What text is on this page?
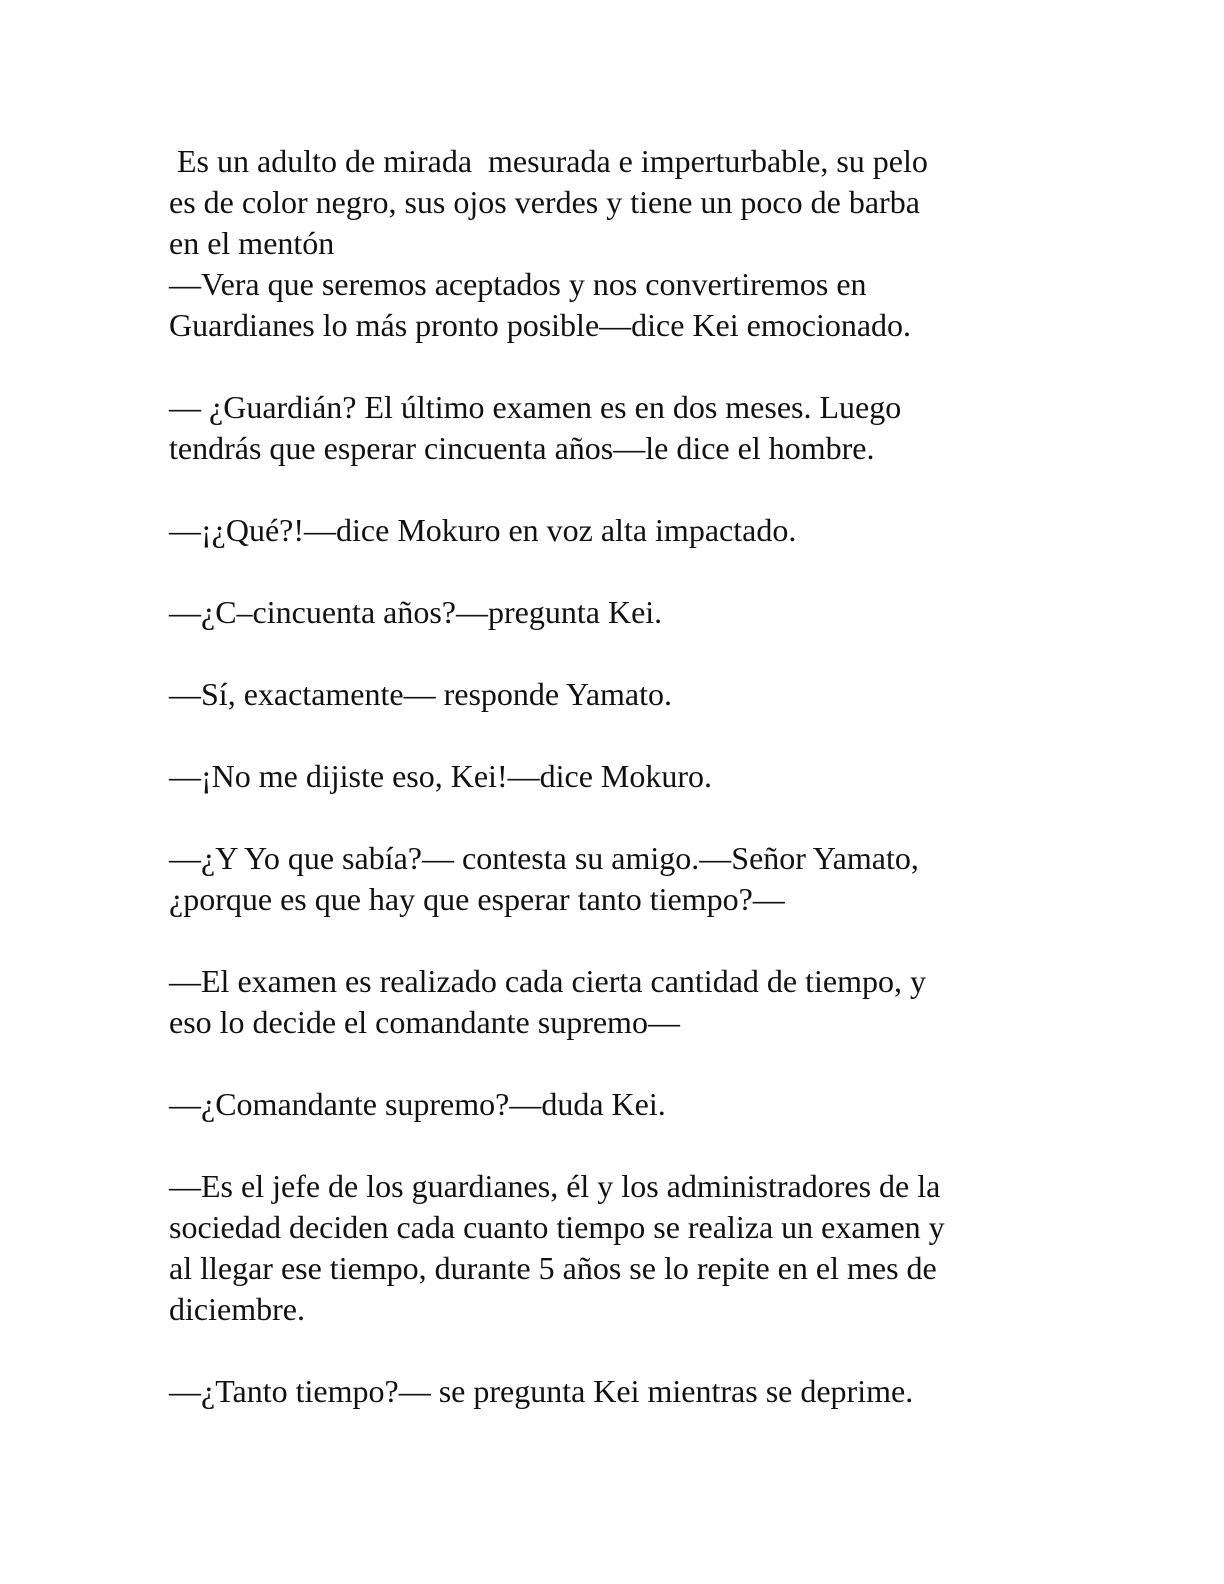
Es un adulto de mirada  mesurada e imperturbable, su pelo
es de color negro, sus ojos verdes y tiene un poco de barba
en el mentón
—Vera que seremos aceptados y nos convertiremos en
Guardianes lo más pronto posible—dice Kei emocionado.
— ¿Guardián? El último examen es en dos meses. Luego
tendrás que esperar cincuenta años—le dice el hombre.
—¡¿Qué?!—dice Mokuro en voz alta impactado.
—¿C–cincuenta años?—pregunta Kei.
—Sí, exactamente— responde Yamato.
—¡No me dijiste eso, Kei!—dice Mokuro.
—¿Y Yo que sabía?— contesta su amigo.—Señor Yamato,
¿porque es que hay que esperar tanto tiempo?—
—El examen es realizado cada cierta cantidad de tiempo, y
eso lo decide el comandante supremo—
—¿Comandante supremo?—duda Kei.
—Es el jefe de los guardianes, él y los administradores de la
sociedad deciden cada cuanto tiempo se realiza un examen y
al llegar ese tiempo, durante 5 años se lo repite en el mes de
diciembre.
—¿Tanto tiempo?— se pregunta Kei mientras se deprime.
